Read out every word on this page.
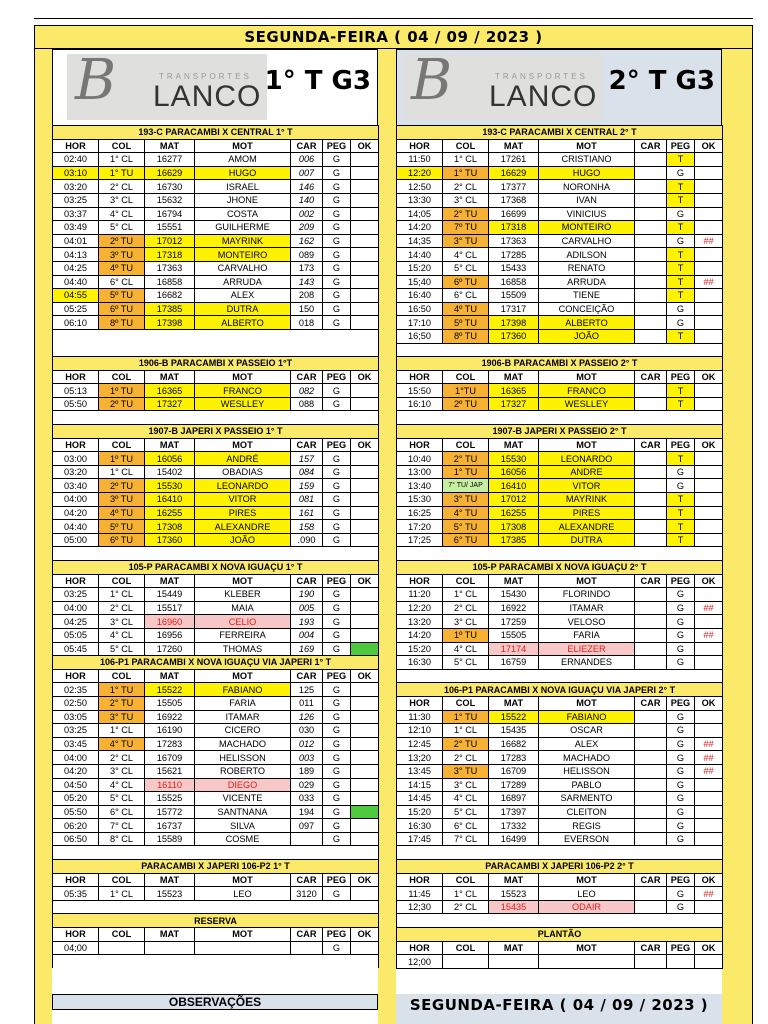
SEGUNDA-FEIRA ( 04 / 09 / 2023 )
B	TRANSPORTES
LANCO 1° T G3
193-C PARACAMBI X CENTRAL 1° T						
HOR	COL	MAT	MOT	CAR	PEG	OK
02:40	1° CL	16277	AMOM	006	G	
03:10	1° TU	16629	HUGO	007	G	
03:20	2° CL	16730	ISRAEL	146	G	
03:25	3° CL	15632	JHONE	140	G	
03:37	4° CL	16794	COSTA	002	G	
03:49	5° CL	15551	GUILHERME	209	G	
04:01	2º TU	17012	MAYRINK	162	G	
04:13	3º TU	17318	MONTEIRO	089	G	
04:25	4º TU	17363	CARVALHO	173	G	
04:40	6° CL	16858	ARRUDA	143	G	
04:55	5º TU	16682	ALEX	208	G	
05:25	6º TU	17385	DUTRA	150	G	
06:10	8º TU	17398	ALBERTO	018	G	

1906-B PARACAMBI X PASSEIO 1°T						
HOR	COL	MAT	MOT	CAR	PEG	OK
05:13	1º TU	16365	FRANCO	082	G	
05:50	2º TU	17327	WESLLEY	088	G	

1907-B JAPERI X PASSEIO 1° T						
HOR	COL	MAT	MOT	CAR	PEG	OK
03:00	1º TU	16056	ANDRÉ	157	G	
03:20	1° CL	15402	OBADIAS	084	G	
03:40	2º TU	15530	LEONARDO	159	G	
04:00	3º TU	16410	VITOR	081	G	
04:20	4º TU	16255	PIRES	161	G	
04:40	5º TU	17308	ALEXANDRE	158	G	
05:00	6º TU	17360	JOÃO	.090	G	

105-P PARACAMBI X NOVA IGUAÇU 1° T						
HOR	COL	MAT	MOT	CAR	PEG	OK
03:25	1° CL	15449	KLEBER	190	G	
04:00	2° CL	15517	MAIA	005	G	
04:25	3° CL	16960	CELIO	193	G	
05:05	4° CL	16956	FERREIRA	004	G	
05:45	5° CL	17260	THOMAS	169	G	
106-P1 PARACAMBI X NOVA IGUAÇU VIA JAPERI 1° T						
HOR	COL	MAT	MOT	CAR	PEG	OK
02:35	1° TU	15522	FABIANO	125	G	
02:50	2° TU	15505	FARIA	011	G	
03:05	3° TU	16922	ITAMAR	126	G	
03:25	1° CL	16190	CICERO	030	G	
03:45	4° TU	17283	MACHADO	012	G	
04:00	2° CL	16709	HELISSON	003	G	
04:20	3° CL	15621	ROBERTO	189	G	
04:50	4° CL	16110	DIEGO	029	G	
05:20	5° CL	15525	VICENTE	033	G	
05:50	6° CL	15772	SANTNANA	194	G	
06:20	7° CL	16737	SILVA	097	G	
06:50	8° CL	15589	COSME		G	

PARACAMBI X JAPERI 106-P2 1° T						
HOR	COL	MAT	MOT	CAR	PEG	OK
05:35	1° CL	15523	LEO	3120	G	

RESERVA						
HOR	COL	MAT	MOT	CAR	PEG	OK
04;00					G	

B	TRANSPORTES
LANCO 2° T G3
193-C PARACAMBI X CENTRAL 2° T						
HOR	COL	MAT	MOT	CAR	PEG	OK
11:50	1° CL	17261	CRISTIANO		T	
12:20	1° TU	16629	HUGO		G	
12:50	2° CL	17377	NORONHA		T	
13:30	3° CL	17368	IVAN		T	
14;05	2° TU	16699	VINICIUS		G	
14:20	7º TU	17318	MONTEIRO		T	
14;35	3° TU	17363	CARVALHO		G	##
14:40	4° CL	17285	ADILSON		T	
15:20	5° CL	15433	RENATO		T	
15;40	6º TU	16858	ARRUDA		T	##
16:40	6° CL	15509	TIENE		T	
16:50	4º TU	17317	CONCEIÇÃO		G	
17:10	5º TU	17398	ALBERTO		G	
16;50	8º TU	17360	JOÃO		T	

1906-B PARACAMBI X PASSEIO 2° T						
HOR	COL	MAT	MOT	CAR	PEG	OK
15:50	1°TU	16365	FRANCO		T	
16:10	2º TU	17327	WESLLEY		T	

1907-B JAPERI X PASSEIO 2° T						
HOR	COL	MAT	MOT	CAR	PEG	OK
10:40	2° TU	15530	LEONARDO		T	
13:00	1° TU	16056	ANDRE		G	
13:40	7° TU/ JAP	16410	VITOR		G	
15:30	3° TU	17012	MAYRINK		T	
16:25	4° TU	16255	PIRES		T	
17:20	5° TU	17308	ALEXANDRE		T	
17;25	6° TU	17385	DUTRA		T	

105-P PARACAMBI X NOVA IGUAÇU 2° T						
HOR	COL	MAT	MOT	CAR	PEG	OK
11:20	1° CL	15430	FLORINDO		G	
12:20	2° CL	16922	ITAMAR		G	##
13:20	3° CL	17259	VELOSO		G	
14:20	1º TU	15505	FARIA		G	##
15:20	4° CL	17174	ELIEZER		G	
16:30	5° CL	16759	ERNANDES		G	

106-P1 PARACAMBI X NOVA IGUAÇU VIA JAPERI 2° T						
HOR	COL	MAT	MOT	CAR	PEG	OK
11:30	1° TU	15522	FABIANO		G	
12:10	1° CL	15435	OSCAR		G	
12:45	2° TU	16682	ALEX		G	##
13;20	2° CL	17283	MACHADO		G	##
13:45	3° TU	16709	HELISSON		G	##
14:15	3° CL	17289	PABLO		G	
14:45	4° CL	16897	SARMENTO		G	
15:20	5° CL	17397	CLEITON		G	
16:30	6° CL	17332	REGIS		G	
17:45	7° CL	16499	EVERSON		G	

PARACAMBI X JAPERI 106-P2 2° T						
HOR	COL	MAT	MOT	CAR	PEG	OK
11:45	1° CL	15523	LEO		G	##
12;30	2° CL	15435	ODAIR		G	

PLANTÃO						
HOR	COL	MAT	MOT	CAR	PEG	OK
12;00						
OBSERVAÇÕES	SEGUNDA-FEIRA ( 04 / 09 / 2023 )
